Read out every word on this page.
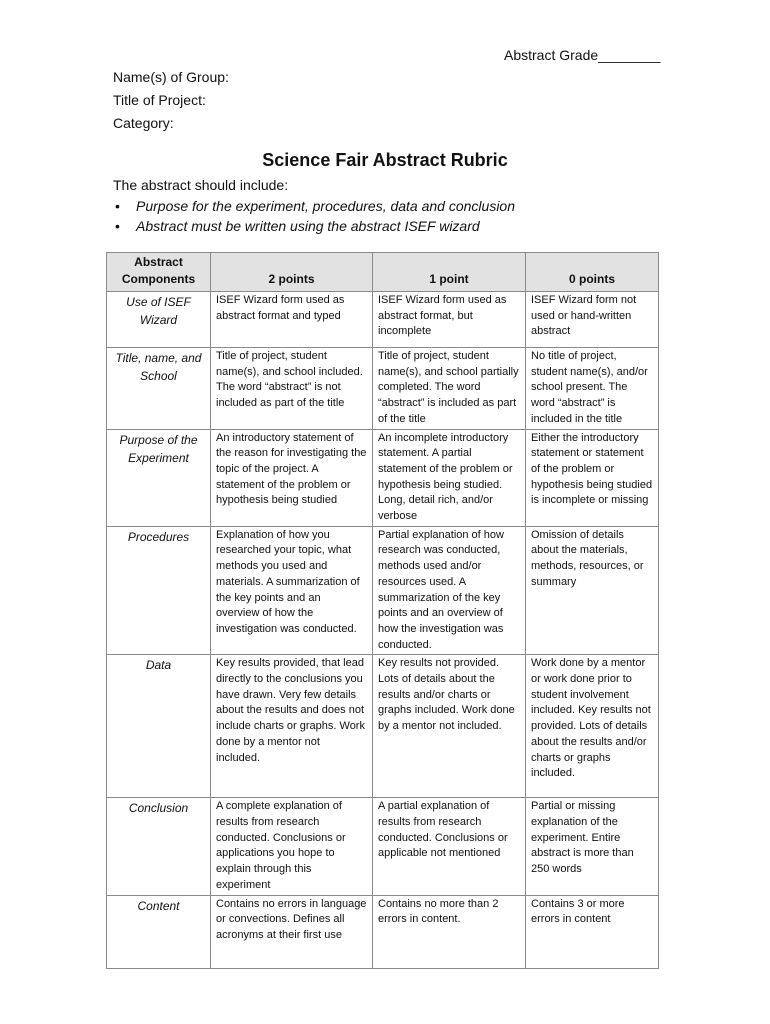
Abstract Grade________
Name(s) of Group:
Title of Project:
Category:
Science Fair Abstract Rubric
The abstract should include:
• Purpose for the experiment, procedures, data and conclusion
• Abstract must be written using the abstract ISEF wizard
Abstract Components	2 points	1 point	0 points
Use of ISEF Wizard	ISEF Wizard form used as abstract format and typed	ISEF Wizard form used as abstract format, but incomplete	ISEF Wizard form not used or hand-written abstract
Title, name, and School	Title of project, student name(s), and school included. The word “abstract” is not included as part of the title	Title of project, student name(s), and school partially completed. The word “abstract” is included as part of the title	No title of project, student name(s), and/or school present. The word “abstract” is included in the title
Purpose of the Experiment	An introductory statement of the reason for investigating the topic of the project. A statement of the problem or hypothesis being studied	An incomplete introductory statement. A partial statement of the problem or hypothesis being studied. Long, detail rich, and/or verbose	Either the introductory statement or statement of the problem or hypothesis being studied is incomplete or missing
Procedures	Explanation of how you researched your topic, what methods you used and materials. A summarization of the key points and an overview of how the investigation was conducted.	Partial explanation of how research was conducted, methods used and/or resources used. A summarization of the key points and an overview of how the investigation was conducted.	Omission of details about the materials, methods, resources, or summary
Data	Key results provided, that lead directly to the conclusions you have drawn. Very few details about the results and does not include charts or graphs. Work done by a mentor not included.	Key results not provided. Lots of details about the results and/or charts or graphs included. Work done by a mentor not included.	Work done by a mentor or work done prior to student involvement included. Key results not provided. Lots of details about the results and/or charts or graphs included.
Conclusion	A complete explanation of results from research conducted. Conclusions or applications you hope to explain through this experiment	A partial explanation of results from research conducted. Conclusions or applicable not mentioned	Partial or missing explanation of the experiment. Entire abstract is more than 250 words
Content	Contains no errors in language or convections. Defines all acronyms at their first use	Contains no more than 2 errors in content.	Contains 3 or more errors in content
